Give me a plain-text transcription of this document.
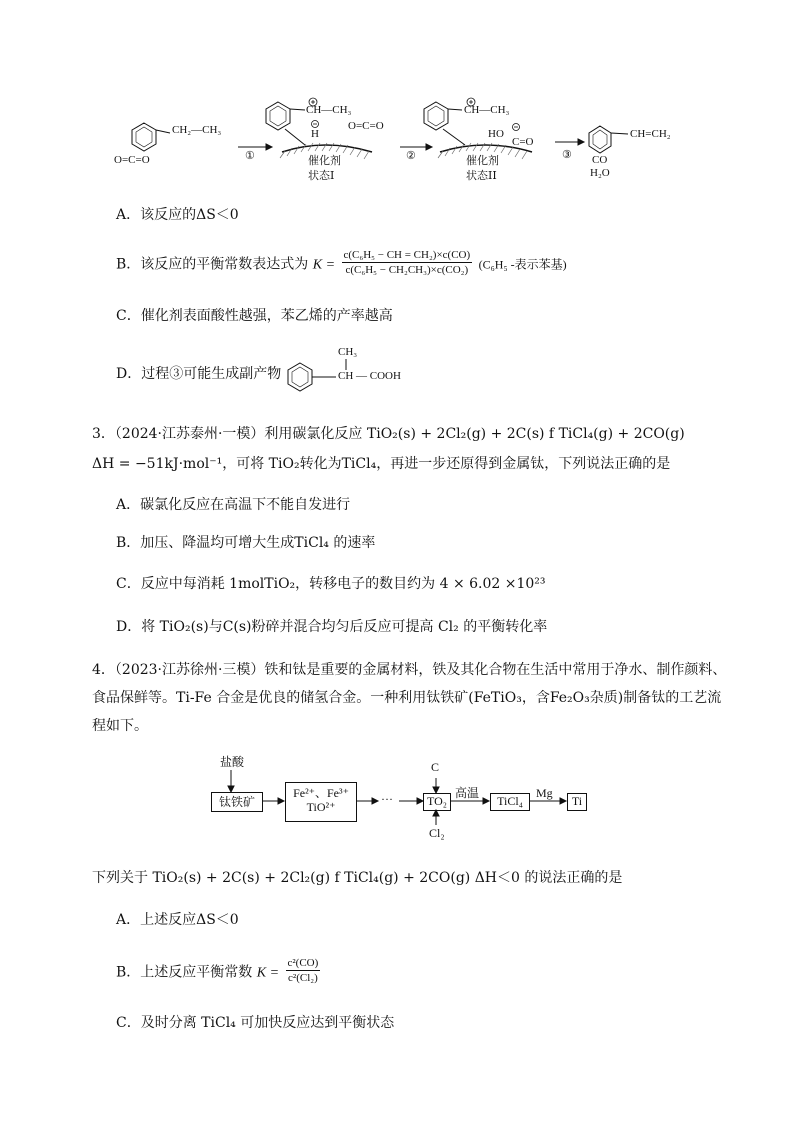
CH₂—CH₃
O=C=O	①	②	③
CH—CH₃
H
O=C=O
催化剂
状态I
CH—CH₃
HO
C=O
催化剂
状态II
CH=CH₂
CO
H₂O
A．该反应的ΔS＜0
B．该反应的平衡常数表达式为 $K = \frac{\text{c(C₆H₅ − CH = CH₂)×c(CO)}}{\text{c(C₆H₅ − CH₂CH₃)×c(CO₂)}} (C_6H_5$ -表示苯基)
C．催化剂表面酸性越强，苯乙烯的产率越高
D．过程③可能生成副产物
CH₃
CH — COOH
3．（2024·江苏泰州·一模）利用碳氯化反应 TiO₂(s) + 2Cl₂(g) + 2C(s) f TiCl₄(g) + 2CO(g)
ΔH = −51kJ·mol⁻¹，可将 TiO₂转化为TiCl₄，再进一步还原得到金属钛，下列说法正确的是
A．碳氯化反应在高温下不能自发进行
B．加压、降温均可增大生成TiCl₄ 的速率
C．反应中每消耗 1molTiO₂，转移电子的数目约为 4 × 6.02 ×10²³
D．将 TiO₂(s)与C(s)粉碎并混合均匀后反应可提高 Cl₂ 的平衡转化率
4．（2023·江苏徐州·三模）铁和钛是重要的金属材料，铁及其化合物在生活中常用于净水、制作颜料、
食品保鲜等。Ti-Fe 合金是优良的储氢合金。一种利用钛铁矿(FeTiO₃，含Fe₂O₃杂质)制备钛的工艺流
程如下。
盐酸
钛铁矿
Fe²⁺、Fe³⁺
TiO²⁺
···
C
TO₂
高温
Cl₂
TiCl₄
Mg
Ti
下列关于 TiO₂(s) + 2C(s) + 2Cl₂(g) f TiCl₄(g) + 2CO(g) ΔH＜0 的说法正确的是
A．上述反应ΔS＜0
B．上述反应平衡常数 $K = \frac{\text{c²(CO)}}{\text{c²(Cl₂)}}$
C．及时分离 TiCl₄ 可加快反应达到平衡状态
